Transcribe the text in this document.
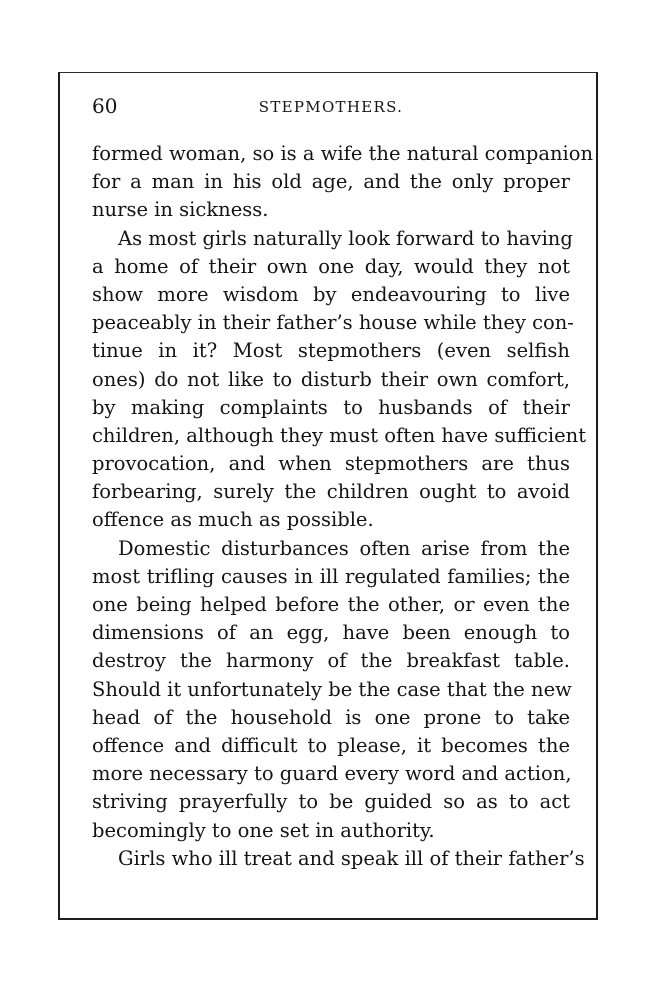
60	STEPMOTHERS.
formed woman, so is a wife the natural companion
for a man in his old age, and the only proper
nurse in sickness.
As most girls naturally look forward to having
a home of their own one day, would they not
show more wisdom by endeavouring to live
peaceably in their father’s house while they con-
tinue in it? Most stepmothers (even selfish
ones) do not like to disturb their own comfort,
by making complaints to husbands of their
children, although they must often have sufficient
provocation, and when stepmothers are thus
forbearing, surely the children ought to avoid
offence as much as possible.
Domestic disturbances often arise from the
most trifling causes in ill regulated families; the
one being helped before the other, or even the
dimensions of an egg, have been enough to
destroy the harmony of the breakfast table.
Should it unfortunately be the case that the new
head of the household is one prone to take
offence and difficult to please, it becomes the
more necessary to guard every word and action,
striving prayerfully to be guided so as to act
becomingly to one set in authority.
Girls who ill treat and speak ill of their father’s
